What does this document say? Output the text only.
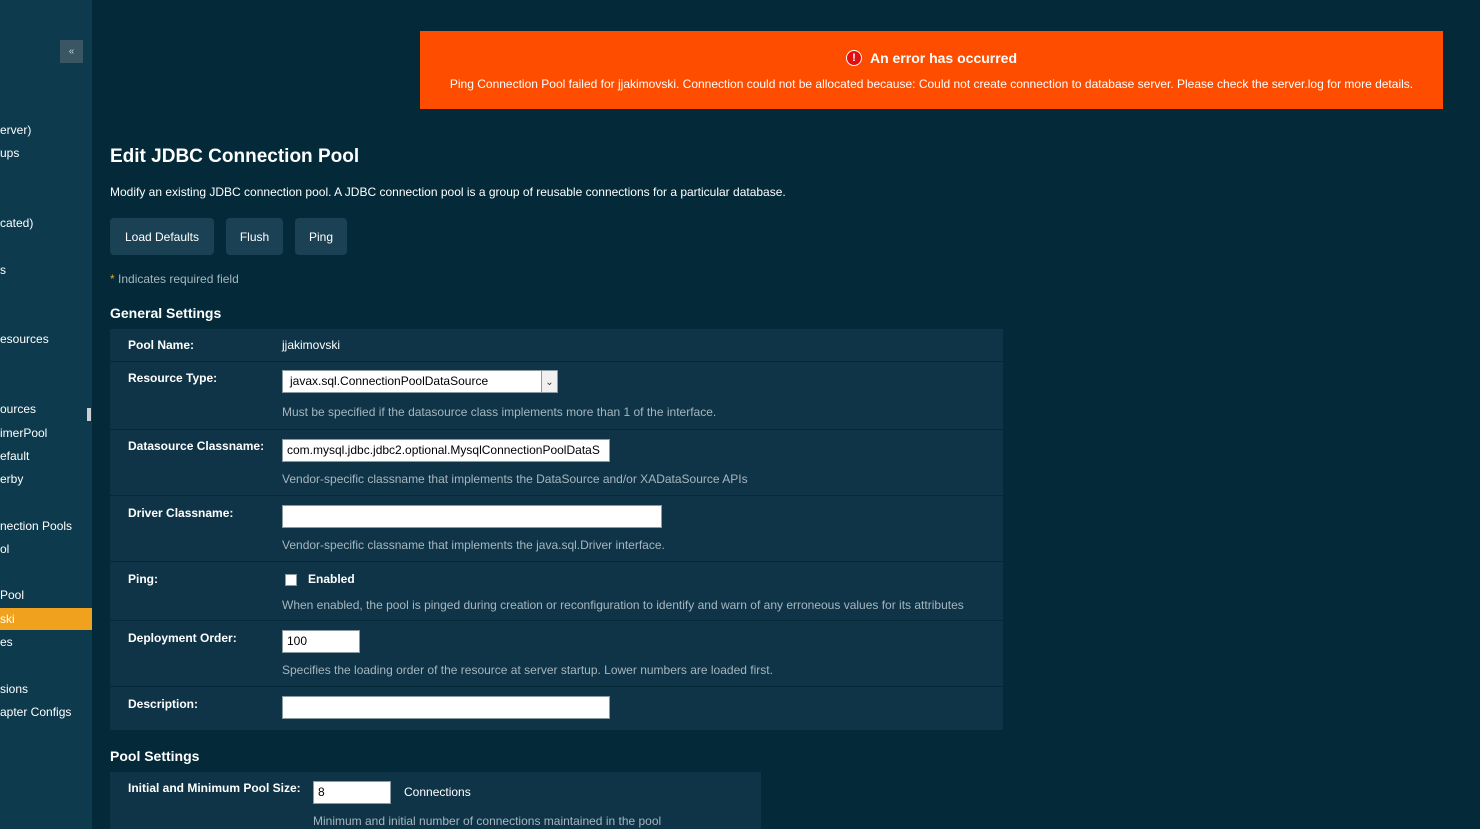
«
erver)
ups
cated)
s
esources
ources
imerPool
efault
erby
nection Pools
ol
Pool
ski
es
sions
apter Configs
!	An error has occurred
Ping Connection Pool failed for jjakimovski. Connection could not be allocated because: Could not create connection to database server. Please check the server.log for more details.
Edit JDBC Connection Pool
Modify an existing JDBC connection pool. A JDBC connection pool is a group of reusable connections for a particular database.
Load Defaults	Flush	Ping
* Indicates required field
General Settings
Pool Name:	jjakimovski
Resource Type:	javax.sql.ConnectionPoolDataSource	⌄
Must be specified if the datasource class implements more than 1 of the interface.
Datasource Classname:	com.mysql.jdbc.jdbc2.optional.MysqlConnectionPoolDataS
Vendor-specific classname that implements the DataSource and/or XADataSource APIs
Driver Classname:
Vendor-specific classname that implements the java.sql.Driver interface.
Ping:	Enabled
When enabled, the pool is pinged during creation or reconfiguration to identify and warn of any erroneous values for its attributes
Deployment Order:	100
Specifies the loading order of the resource at server startup. Lower numbers are loaded first.
Description:
Pool Settings
Initial and Minimum Pool Size:	8	Connections
Minimum and initial number of connections maintained in the pool
